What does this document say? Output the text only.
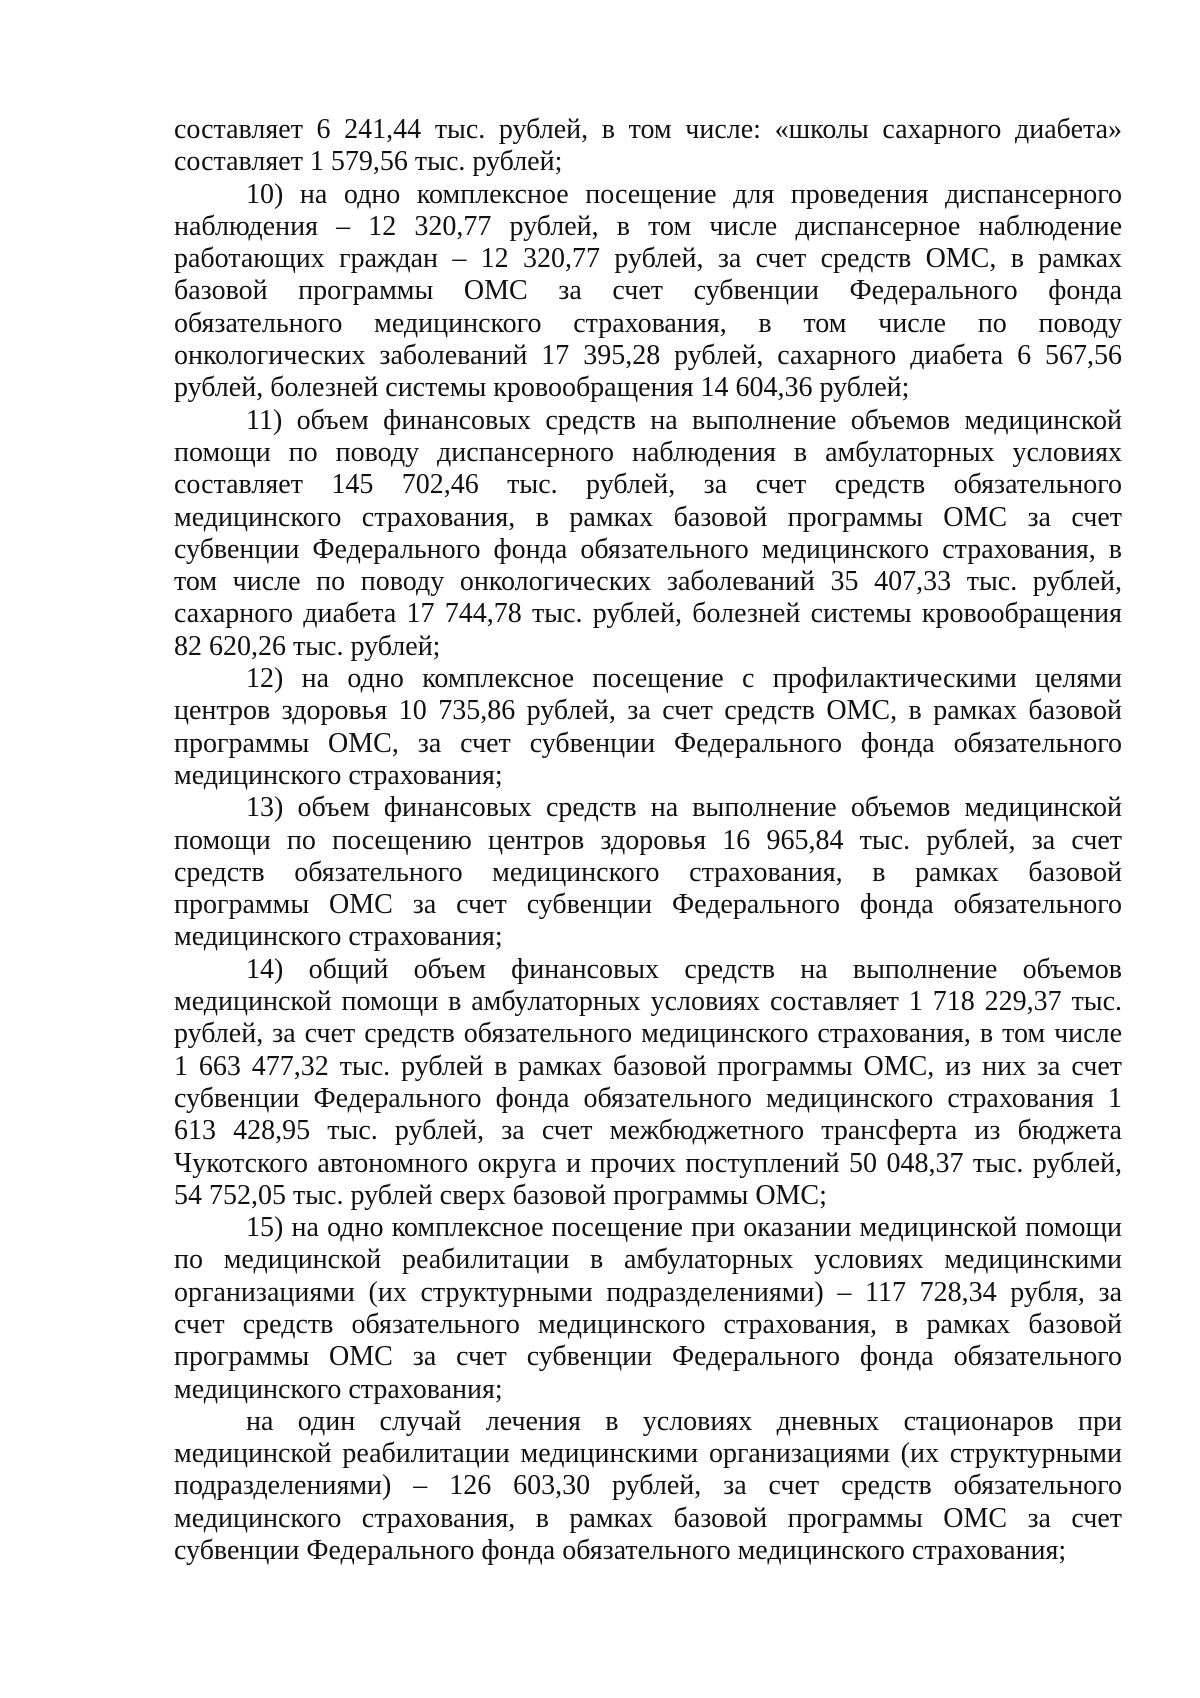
составляет 6 241,44 тыс. рублей, в том числе: «школы сахарного диабета» составляет 1 579,56 тыс. рублей;

10) на одно комплексное посещение для проведения диспансерного наблюдения – 12 320,77 рублей, в том числе диспансерное наблюдение работающих граждан – 12 320,77 рублей, за счет средств ОМС, в рамках базовой программы ОМС за счет субвенции Федерального фонда обязательного медицинского страхования, в том числе по поводу онкологических заболеваний 17 395,28 рублей, сахарного диабета 6 567,56 рублей, болезней системы кровообращения 14 604,36 рублей;

11) объем финансовых средств на выполнение объемов медицинской помощи по поводу диспансерного наблюдения в амбулаторных условиях составляет 145 702,46 тыс. рублей, за счет средств обязательного медицинского страхования, в рамках базовой программы ОМС за счет субвенции Федерального фонда обязательного медицинского страхования, в том числе по поводу онкологических заболеваний 35 407,33 тыс. рублей, сахарного диабета 17 744,78 тыс. рублей, болезней системы кровообращения 82 620,26 тыс. рублей;

12) на одно комплексное посещение с профилактическими целями центров здоровья 10 735,86 рублей, за счет средств ОМС, в рамках базовой программы ОМС, за счет субвенции Федерального фонда обязательного медицинского страхования;

13) объем финансовых средств на выполнение объемов медицинской помощи по посещению центров здоровья 16 965,84 тыс. рублей, за счет средств обязательного медицинского страхования, в рамках базовой программы ОМС за счет субвенции Федерального фонда обязательного медицинского страхования;

14) общий объем финансовых средств на выполнение объемов медицинской помощи в амбулаторных условиях составляет 1 718 229,37 тыс. рублей, за счет средств обязательного медицинского страхования, в том числе 1 663 477,32 тыс. рублей в рамках базовой программы ОМС, из них за счет субвенции Федерального фонда обязательного медицинского страхования 1 613 428,95 тыс. рублей, за счет межбюджетного трансферта из бюджета Чукотского автономного округа и прочих поступлений 50 048,37 тыс. рублей, 54 752,05 тыс. рублей сверх базовой программы ОМС;

15) на одно комплексное посещение при оказании медицинской помощи по медицинской реабилитации в амбулаторных условиях медицинскими организациями (их структурными подразделениями) – 117 728,34 рубля, за счет средств обязательного медицинского страхования, в рамках базовой программы ОМС за счет субвенции Федерального фонда обязательного медицинского страхования;

на один случай лечения в условиях дневных стационаров при медицинской реабилитации медицинскими организациями (их структурными подразделениями) – 126 603,30 рублей, за счет средств обязательного медицинского страхования, в рамках базовой программы ОМС за счет субвенции Федерального фонда обязательного медицинского страхования;
